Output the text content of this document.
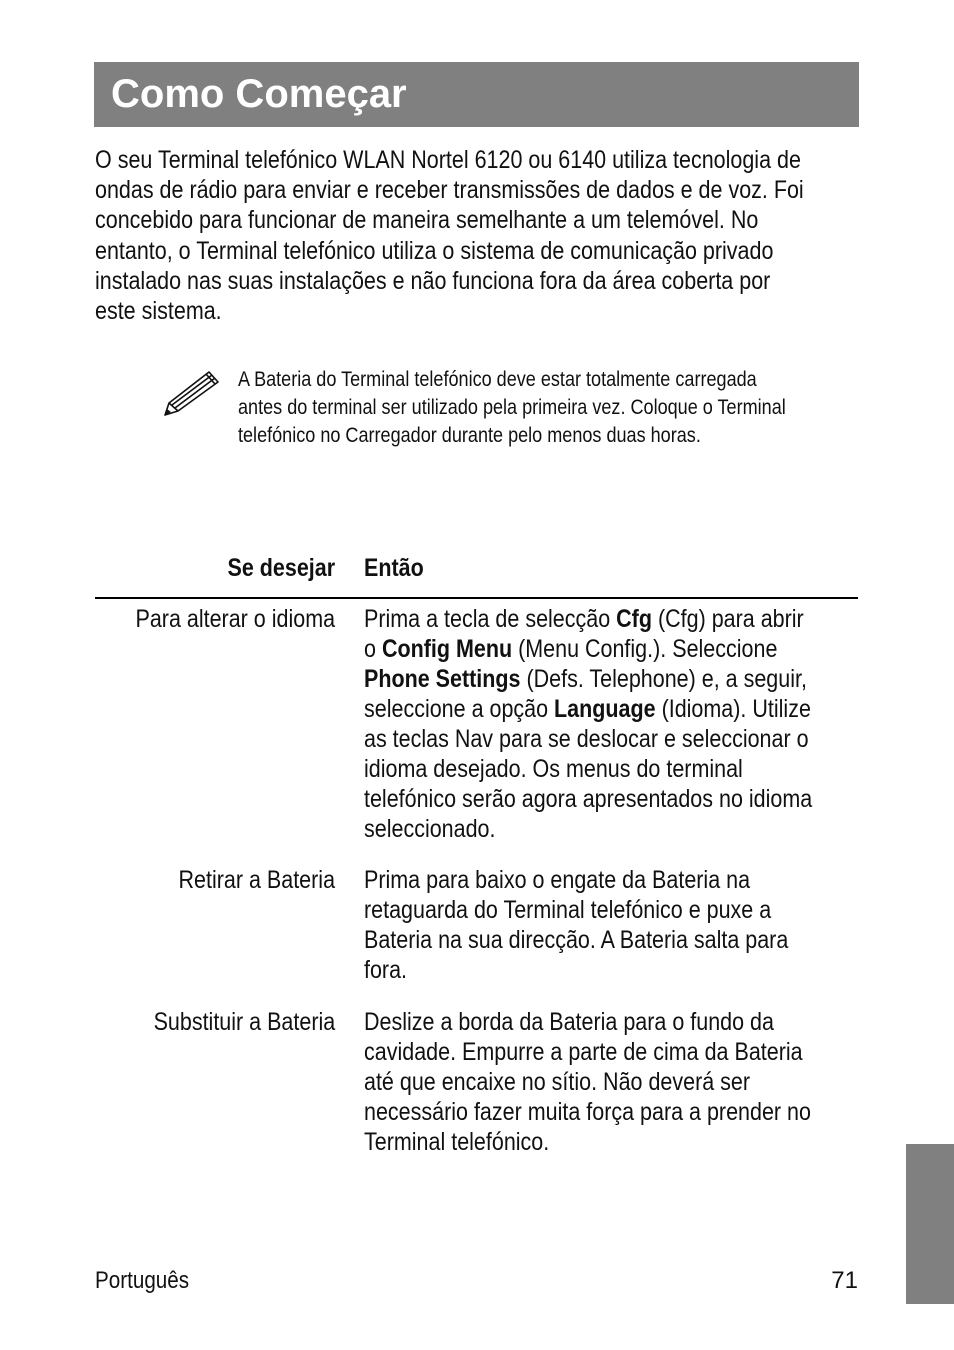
Como Começar
O seu Terminal telefónico WLAN Nortel 6120 ou 6140 utiliza tecnologia de
ondas de rádio para enviar e receber transmissões de dados e de voz. Foi
concebido para funcionar de maneira semelhante a um telemóvel. No
entanto, o Terminal telefónico utiliza o sistema de comunicação privado
instalado nas suas instalações e não funciona fora da área coberta por
este sistema.
A Bateria do Terminal telefónico deve estar totalmente carregada
antes do terminal ser utilizado pela primeira vez. Coloque o Terminal
telefónico no Carregador durante pelo menos duas horas.
Se desejar Então
Para alterar o idioma Prima a tecla de selecção Cfg (Cfg) para abrir
o Config Menu (Menu Config.). Seleccione
Phone Settings (Defs. Telephone) e, a seguir,
seleccione a opção Language (Idioma). Utilize
as teclas Nav para se deslocar e seleccionar o
idioma desejado. Os menus do terminal
telefónico serão agora apresentados no idioma
seleccionado.
Retirar a Bateria Prima para baixo o engate da Bateria na
retaguarda do Terminal telefónico e puxe a
Bateria na sua direcção. A Bateria salta para
fora.
Substituir a Bateria Deslize a borda da Bateria para o fundo da
cavidade. Empurre a parte de cima da Bateria
até que encaixe no sítio. Não deverá ser
necessário fazer muita força para a prender no
Terminal telefónico.
Português	71
